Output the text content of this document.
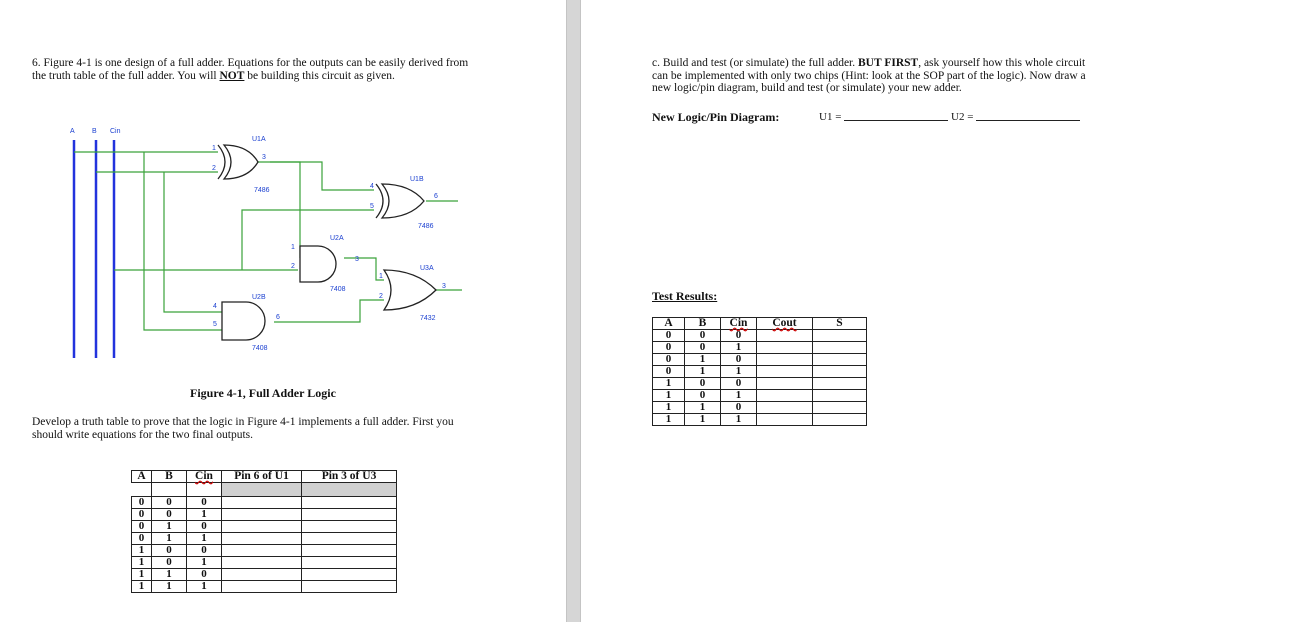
6. Figure 4-1 is one design of a full adder. Equations for the outputs can be easily derived from
the truth table of the full adder. You will NOT be building this circuit as given.
A B Cin
U1A
7486
U1B
7486
U2A
7408
U2B
7408
U3A
7432
1
2
3
4
5
6
1
2
3
4
5
6
1
2
3
Figure 4-1, Full Adder Logic
Develop a truth table to prove that the logic in Figure 4-1 implements a full adder. First you
should write equations for the two final outputs.
A	B	Cin	Pin 6 of U1	Pin 3 of U3

0	0	0		
0	0	1		
0	1	0		
0	1	1		
1	0	0		
1	0	1		
1	1	0		
1	1	1		
c. Build and test (or simulate) the full adder. BUT FIRST, ask yourself how this whole circuit
can be implemented with only two chips (Hint: look at the SOP part of the logic). Now draw a
new logic/pin diagram, build and test (or simulate) your new adder.
New Logic/Pin Diagram:	U1 =	U2 =
Test Results:
A	B	Cin	Cout	S
0	0	0		
0	0	1		
0	1	0		
0	1	1		
1	0	0		
1	0	1		
1	1	0		
1	1	1		
